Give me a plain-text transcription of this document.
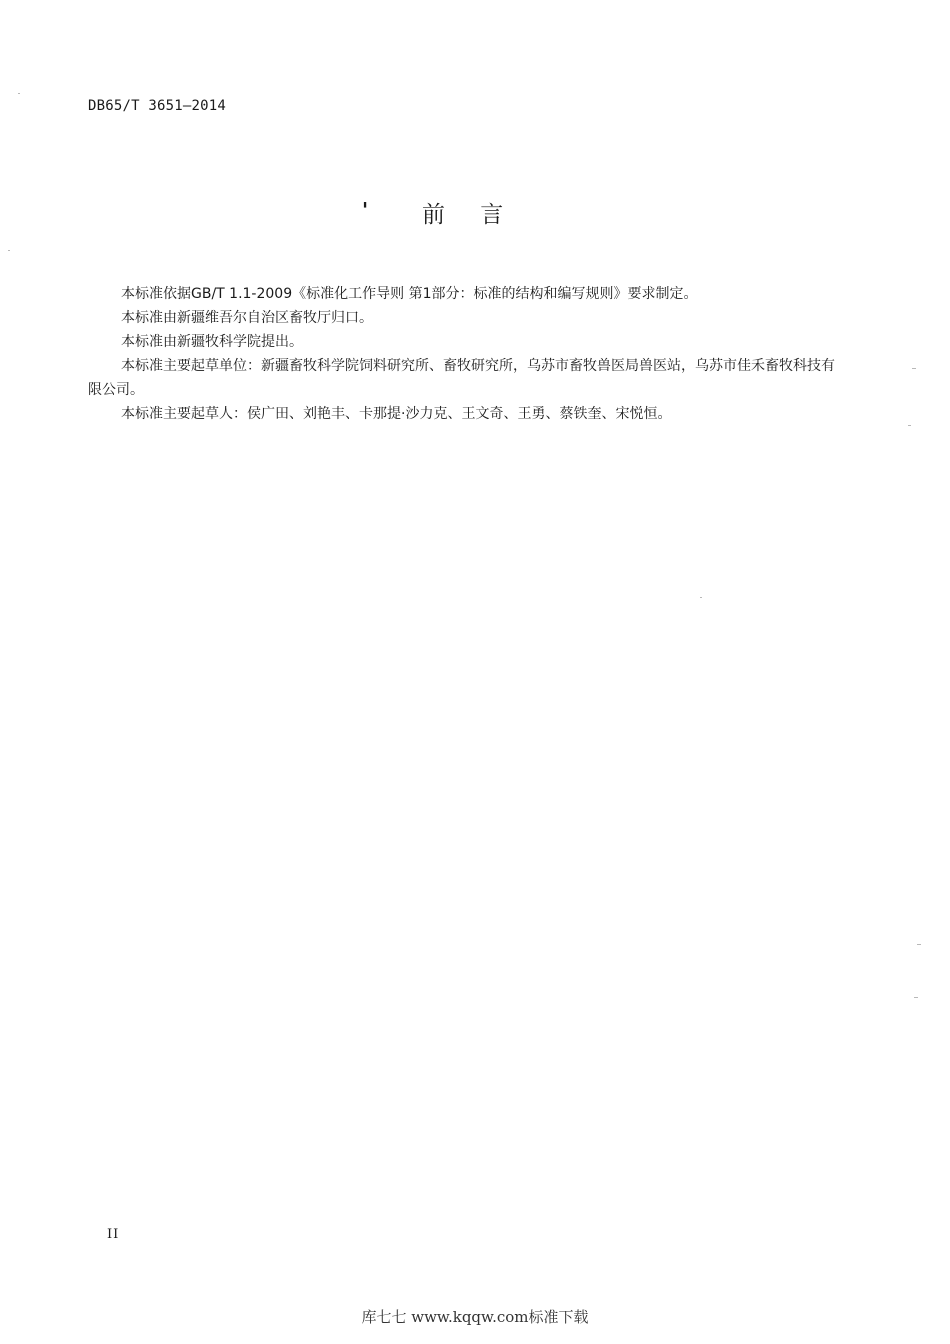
DB65/T 3651—2014
' 前 言

本标准依据GB/T 1.1-2009《标准化工作导则 第1部分：标准的结构和编写规则》要求制定。

本标准由新疆维吾尔自治区畜牧厅归口。

本标准由新疆牧科学院提出。

本标准主要起草单位：新疆畜牧科学院饲料研究所、畜牧研究所，乌苏市畜牧兽医局兽医站，乌苏市佳禾畜牧科技有限公司。

本标准主要起草人：侯广田、刘艳丰、卡那提·沙力克、王文奇、王勇、蔡铁奎、宋悦恒。

II
库七七 www.kqqw.com标准下载
